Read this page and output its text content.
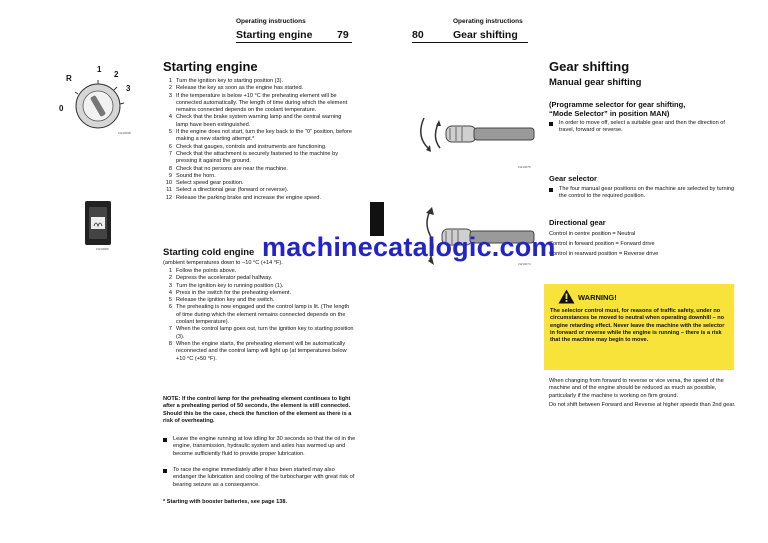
Operating instructions
Starting engine 79
R
1
2
3
0
LW10038
LW10086
Starting engine
1 Turn the ignition key to starting position (3).
2 Release the key as soon as the engine has started.
3 If the temperature is below +10 °C the preheating element will be connected automatically. The length of time during which the element remains connected depends on the coolant temperature.
4 Check that the brake system warning lamp and the central warning lamp have been extinguished.
5 If the engine does not start, turn the key back to the "0" position, before making a new starting attempt.*
6 Check that gauges, controls and instruments are functioning.
7 Check that the attachment is securely fastened to the machine by pressing it against the ground.
8 Check that no persons are near the machine.
9 Sound the horn.
10 Select speed gear position.
11 Select a directional gear (forward or reverse).
12 Release the parking brake and increase the engine speed.
Starting cold engine

(ambient temperatures down to −10 °C (+14 °F).

1 Follow the points above.
2 Depress the accelerator pedal halfway.
3 Turn the ignition key to running position (1).
4 Press in the switch for the preheating element.
5 Release the ignition key and the switch.
6 The preheating is now engaged and the control lamp is lit. (The length of time during which the element remains connected depends on the coolant temperature).
7 When the control lamp goes out, turn the ignition key to starting position (3).
8 When the engine starts, the preheating element will be automatically reconnected and the control lamp will light up (at temperatures below +10 °C (+50 °F).

NOTE: If the control lamp for the preheating element continues to light after a preheating period of 50 seconds, the element is still connected. Should this be the case, check the function of the element as there is a risk of overheating.

Leave the engine running at low idling for 30 seconds so that the oil in the engine, transmission, hydraulic system and axles has warmed up and become sufficiently fluid to provide proper lubrication.
To race the engine immediately after it has been started may also endanger the lubrication and cooling of the turbocharger with great risk of bearing seizure as a consequence.

* Starting with booster batteries, see page 138.

Operating instructions
80	Gear shifting
LW10075
LW10074
Gear shifting
Manual gear shifting
(Programme selector for gear shifting,
“Mode Selector” in position MAN)
In order to move off, select a suitable gear and then the direction of travel, forward or reverse.
Gear selector
The four manual gear positions on the machine are selected by turning the control to the required position.
Directional gear

Control in centre position = Neutral

Control in forward position = Forward drive

Control in rearward position = Reverse drive

WARNING!

The selector control must, for reasons of traffic safety, under no circumstances be moved to neutral when operating downhill – no engine retarding effect. Never leave the machine with the selector in forward or reverse while the engine is running – there is a risk that the machine may begin to move.

When changing from forward to reverse or vice versa, the speed of the machine and of the engine should be reduced as much as possible, particularly if the machine is working on firm ground.

Do not shift between Forward and Reverse at higher speeds than 2nd gear.

machinecatalogic.com
